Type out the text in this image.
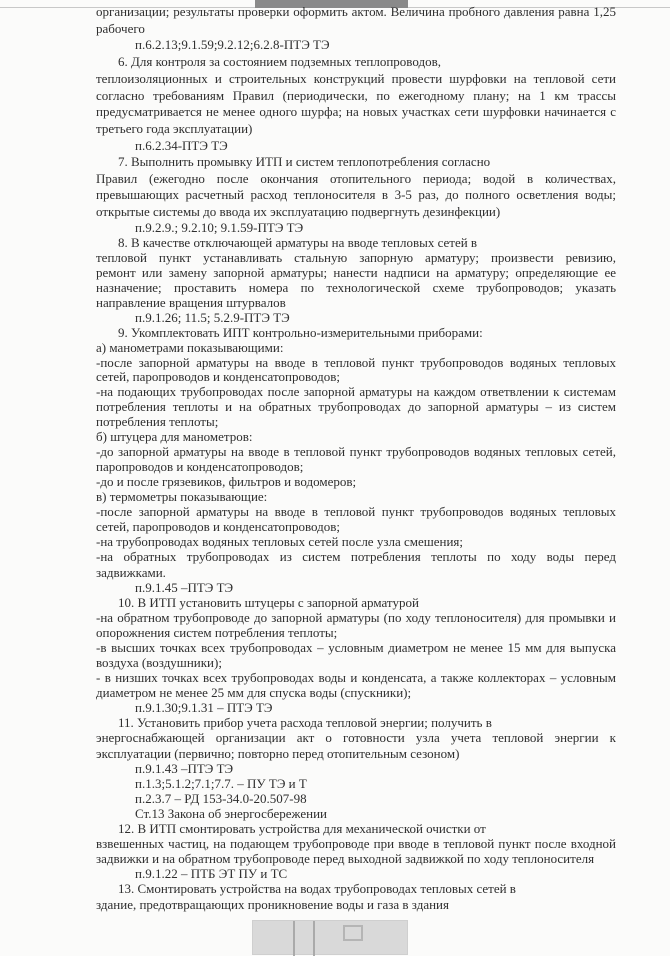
организации; результаты проверки оформить актом. Величина пробного давления равна 1,25
рабочего
п.6.2.13;9.1.59;9.2.12;6.2.8-ПТЭ ТЭ
6. Для контроля за состоянием подземных теплопроводов,
теплоизоляционных и строительных конструкций провести шурфовки на тепловой сети
согласно требованиям Правил (периодически, по ежегодному плану; на 1 км трассы
предусматривается не менее одного шурфа; на новых участках сети шурфовки начинается с
третьего года эксплуатации)
п.6.2.34-ПТЭ ТЭ
7. Выполнить промывку ИТП и систем теплопотребления согласно
Правил (ежегодно после окончания отопительного периода; водой в количествах,
превышающих расчетный расход теплоносителя в 3-5 раз, до полного осветления воды;
открытые системы до ввода их эксплуатацию подвергнуть дезинфекции)
п.9.2.9.; 9.2.10; 9.1.59-ПТЭ ТЭ
8. В качестве отключающей арматуры на вводе тепловых сетей в
тепловой пункт устанавливать стальную запорную арматуру; произвести ревизию,
ремонт или замену запорной арматуры; нанести надписи на арматуру; определяющие ее
назначение; проставить номера по технологической схеме трубопроводов; указать
направление вращения штурвалов
п.9.1.26; 11.5; 5.2.9-ПТЭ ТЭ
9. Укомплектовать ИПТ контрольно-измерительными приборами:
а) манометрами показывающими:
-после запорной арматуры на вводе в тепловой пункт трубопроводов водяных тепловых
сетей, паропроводов и конденсатопроводов;
-на подающих трубопроводах после запорной арматуры на каждом ответвлении к системам
потребления теплоты и на обратных трубопроводах до запорной арматуры – из систем
потребления теплоты;
б) штуцера для манометров:
-до запорной арматуры на вводе в тепловой пункт трубопроводов водяных тепловых сетей,
паропроводов и конденсатопроводов;
-до и после грязевиков, фильтров и водомеров;
в) термометры показывающие:
-после запорной арматуры на вводе в тепловой пункт трубопроводов водяных тепловых
сетей, паропроводов и конденсатопроводов;
-на трубопроводах водяных тепловых сетей после узла смешения;
-на обратных трубопроводах из систем потребления теплоты по ходу воды перед
задвижками.
п.9.1.45 –ПТЭ ТЭ
10. В ИТП установить штуцеры с запорной арматурой
-на обратном трубопроводе до запорной арматуры (по ходу теплоносителя) для промывки и
опорожнения систем потребления теплоты;
-в высших точках всех трубопроводах – условным диаметром не менее 15 мм для выпуска
воздуха (воздушники);
- в низших точках всех трубопроводах воды и конденсата, а также коллекторах – условным
диаметром не менее 25 мм для спуска воды (спускники);
п.9.1.30;9.1.31 – ПТЭ ТЭ
11. Установить прибор учета расхода тепловой энергии; получить в
энергоснабжающей организации акт о готовности узла учета тепловой энергии к
эксплуатации (первично; повторно перед отопительным сезоном)
п.9.1.43 –ПТЭ ТЭ
п.1.3;5.1.2;7.1;7.7. – ПУ ТЭ и Т
п.2.3.7 – РД 153-34.0-20.507-98
Ст.13 Закона об энергосбережении
12. В ИТП смонтировать устройства для механической очистки от
взвешенных частиц, на подающем трубопроводе при вводе в тепловой пункт после входной
задвижки и на обратном трубопроводе перед выходной задвижкой по ходу теплоносителя
п.9.1.22 – ПТБ ЭТ ПУ и ТС
13. Смонтировать устройства на водах трубопроводах тепловых сетей в
здание, предотвращающих проникновение воды и газа в здания
